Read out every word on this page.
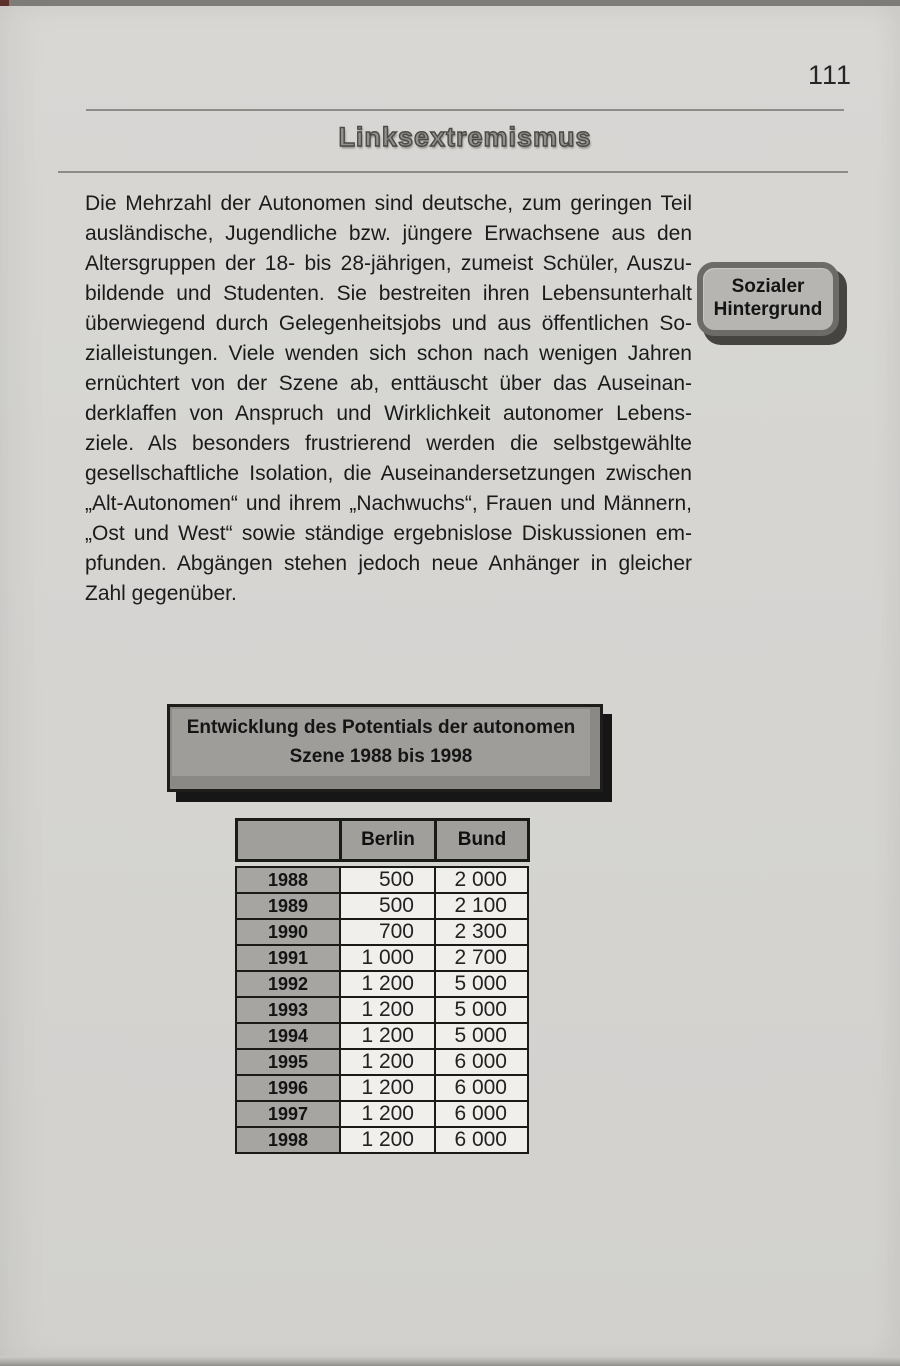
111
Linksextremismus
Die Mehrzahl der Autonomen sind deutsche, zum geringen Teil
ausländische, Jugendliche bzw. jüngere Erwachsene aus den
Altersgruppen der 18- bis 28-jährigen, zumeist Schüler, Auszu-
bildende und Studenten. Sie bestreiten ihren Lebensunterhalt
überwiegend durch Gelegenheitsjobs und aus öffentlichen So-
zialleistungen. Viele wenden sich schon nach wenigen Jahren
ernüchtert von der Szene ab, enttäuscht über das Auseinan-
derklaffen von Anspruch und Wirklichkeit autonomer Lebens-
ziele. Als besonders frustrierend werden die selbstgewählte
gesellschaftliche Isolation, die Auseinandersetzungen zwischen
„Alt-Autonomen“ und ihrem „Nachwuchs“, Frauen und Männern,
„Ost und West“ sowie ständige ergebnislose Diskussionen em-
pfunden. Abgängen stehen jedoch neue Anhänger in gleicher
Zahl gegenüber.
Sozialer
Hintergrund
Entwicklung des Potentials der autonomen
Szene 1988 bis 1998
	Berlin	Bund
1988	500	2 000
1989	500	2 100
1990	700	2 300
1991	1 000	2 700
1992	1 200	5 000
1993	1 200	5 000
1994	1 200	5 000
1995	1 200	6 000
1996	1 200	6 000
1997	1 200	6 000
1998	1 200	6 000
